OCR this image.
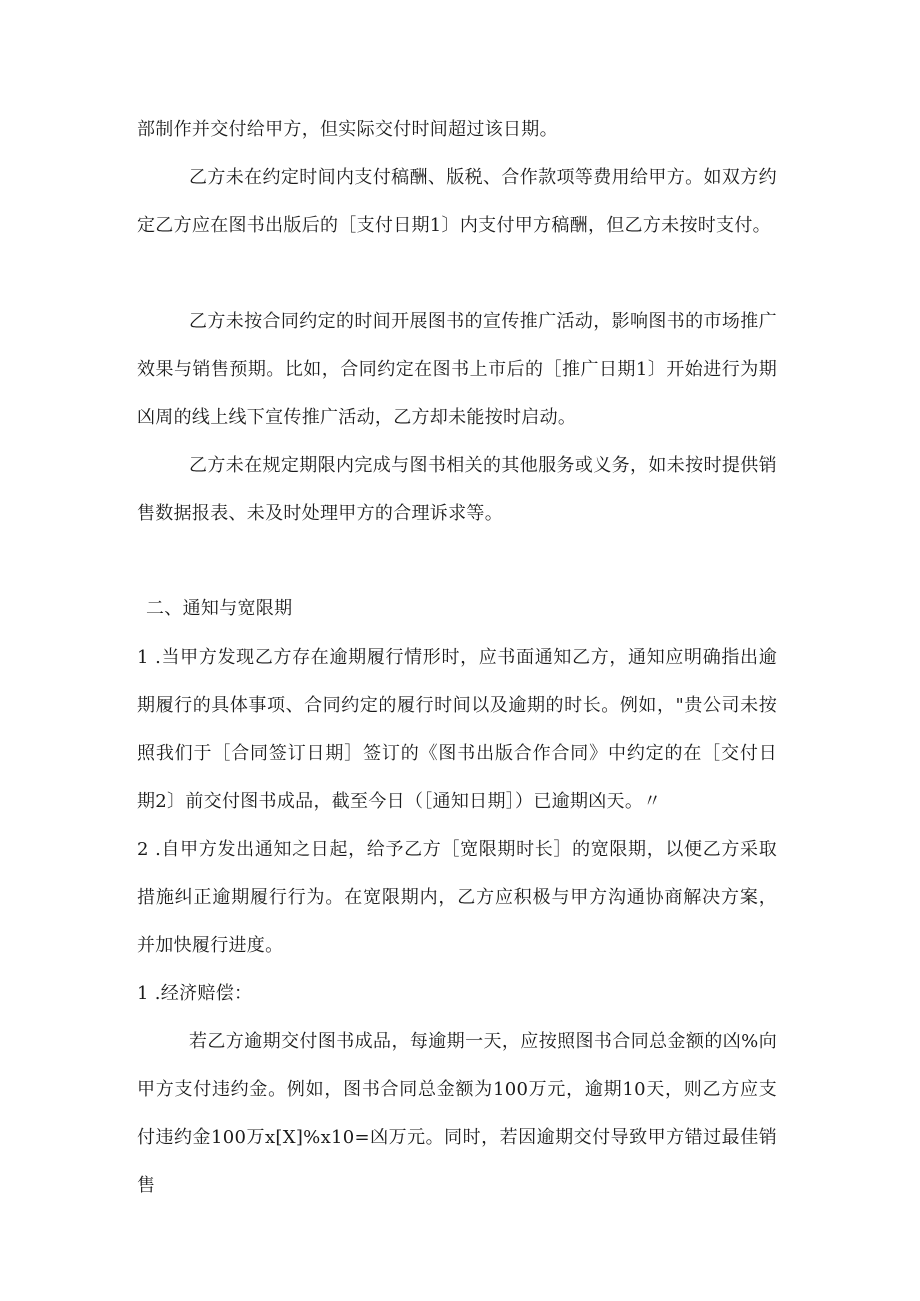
部制作并交付给甲方，但实际交付时间超过该日期。

乙方未在约定时间内支付稿酬、版税、合作款项等费用给甲方。如双方约定乙方应在图书出版后的［支付日期1〕内支付甲方稿酬，但乙方未按时支付。

乙方未按合同约定的时间开展图书的宣传推广活动，影响图书的市场推广效果与销售预期。比如，合同约定在图书上市后的［推广日期1〕开始进行为期凶周的线上线下宣传推广活动，乙方却未能按时启动。

乙方未在规定期限内完成与图书相关的其他服务或义务，如未按时提供销售数据报表、未及时处理甲方的合理诉求等。

二、通知与宽限期

1 .当甲方发现乙方存在逾期履行情形时，应书面通知乙方，通知应明确指出逾期履行的具体事项、合同约定的履行时间以及逾期的时长。例如，"贵公司未按照我们于［合同签订日期］签订的《图书出版合作合同》中约定的在［交付日期2〕前交付图书成品，截至今日（［通知日期］）已逾期凶天。〃

2 .自甲方发出通知之日起，给予乙方［宽限期时长］的宽限期，以便乙方采取措施纠正逾期履行行为。在宽限期内，乙方应积极与甲方沟通协商解决方案，并加快履行进度。

1 .经济赔偿：

若乙方逾期交付图书成品，每逾期一天，应按照图书合同总金额的凶%向甲方支付违约金。例如，图书合同总金额为100万元，逾期10天，则乙方应支付违约金100万x[X]%x10=凶万元。同时，若因逾期交付导致甲方错过最佳销售
